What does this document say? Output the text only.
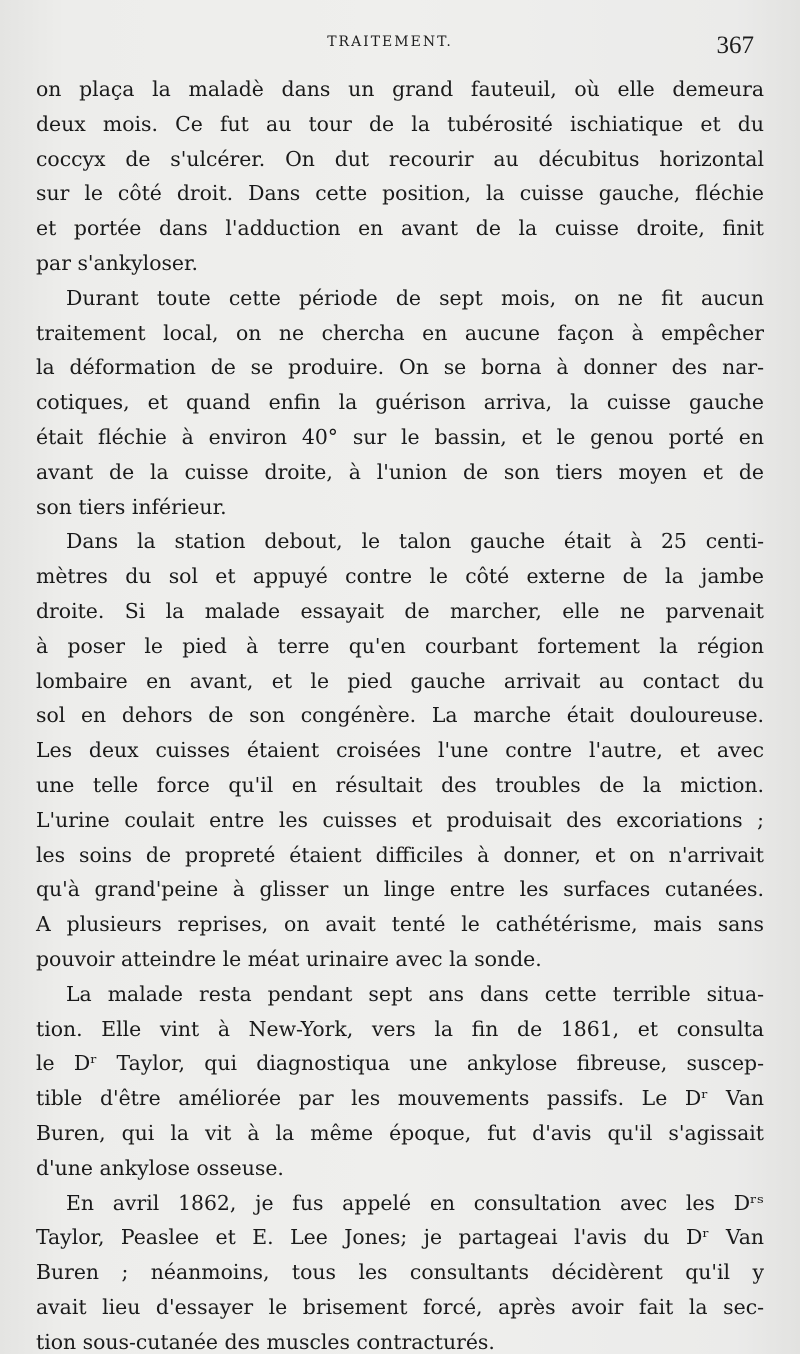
TRAITEMENT.	367
on plaça la maladè dans un grand fauteuil, où elle demeura
deux mois. Ce fut au tour de la tubérosité ischiatique et du
coccyx de s'ulcérer. On dut recourir au décubitus horizontal
sur le côté droit. Dans cette position, la cuisse gauche, fléchie
et portée dans l'adduction en avant de la cuisse droite, finit
par s'ankyloser.
Durant toute cette période de sept mois, on ne fit aucun
traitement local, on ne chercha en aucune façon à empêcher
la déformation de se produire. On se borna à donner des nar-
cotiques, et quand enfin la guérison arriva, la cuisse gauche
était fléchie à environ 40° sur le bassin, et le genou porté en
avant de la cuisse droite, à l'union de son tiers moyen et de
son tiers inférieur.
Dans la station debout, le talon gauche était à 25 centi-
mètres du sol et appuyé contre le côté externe de la jambe
droite. Si la malade essayait de marcher, elle ne parvenait
à poser le pied à terre qu'en courbant fortement la région
lombaire en avant, et le pied gauche arrivait au contact du
sol en dehors de son congénère. La marche était douloureuse.
Les deux cuisses étaient croisées l'une contre l'autre, et avec
une telle force qu'il en résultait des troubles de la miction.
L'urine coulait entre les cuisses et produisait des excoriations ;
les soins de propreté étaient difficiles à donner, et on n'arrivait
qu'à grand'peine à glisser un linge entre les surfaces cutanées.
A plusieurs reprises, on avait tenté le cathétérisme, mais sans
pouvoir atteindre le méat urinaire avec la sonde.
La malade resta pendant sept ans dans cette terrible situa-
tion. Elle vint à New-York, vers la fin de 1861, et consulta
le Dʳ Taylor, qui diagnostiqua une ankylose fibreuse, suscep-
tible d'être améliorée par les mouvements passifs. Le Dʳ Van
Buren, qui la vit à la même époque, fut d'avis qu'il s'agissait
d'une ankylose osseuse.
En avril 1862, je fus appelé en consultation avec les Dʳˢ
Taylor, Peaslee et E. Lee Jones; je partageai l'avis du Dʳ Van
Buren ; néanmoins, tous les consultants décidèrent qu'il y
avait lieu d'essayer le brisement forcé, après avoir fait la sec-
tion sous-cutanée des muscles contracturés.
